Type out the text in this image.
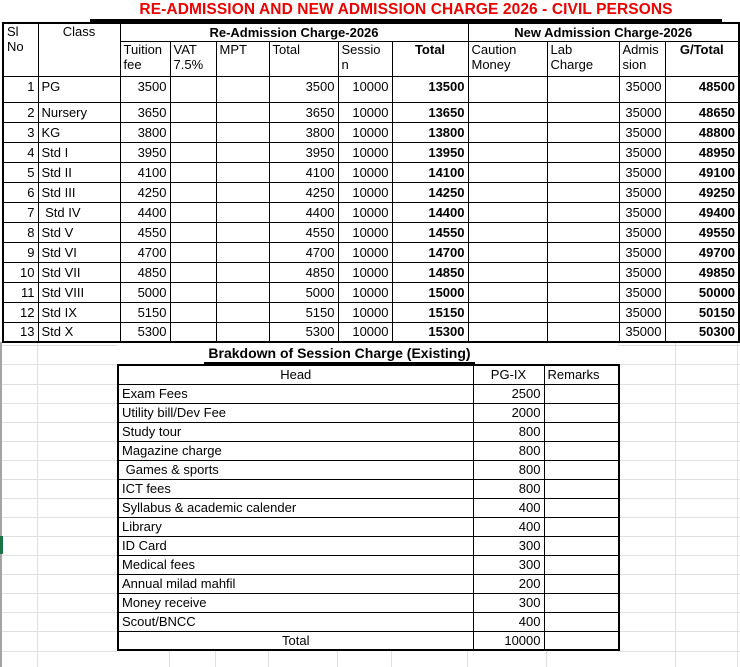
RE-ADMISSION AND NEW ADMISSION CHARGE 2026 - CIVIL PERSONS
Sl No	Class	Re-Admission Charge-2026						New Admission Charge-2026			
		Tuition fee	VAT 7.5%	MPT	Total	Session	Total	Caution Money	Lab Charge	Admission	G/Total
1	PG	3500			3500	10000	13500			35000	48500
2	Nursery	3650			3650	10000	13650			35000	48650
3	KG	3800			3800	10000	13800			35000	48800
4	Std I	3950			3950	10000	13950			35000	48950
5	Std II	4100			4100	10000	14100			35000	49100
6	Std III	4250			4250	10000	14250			35000	49250
7	Std IV	4400			4400	10000	14400			35000	49400
8	Std V	4550			4550	10000	14550			35000	49550
9	Std VI	4700			4700	10000	14700			35000	49700
10	Std VII	4850			4850	10000	14850			35000	49850
11	Std VIII	5000			5000	10000	15000			35000	50000
12	Std IX	5150			5150	10000	15150			35000	50150
13	Std X	5300			5300	10000	15300			35000	50300
Brakdown of Session Charge (Existing)
Head	PG-IX	Remarks
Exam Fees	2500	
Utility bill/Dev Fee	2000	
Study tour	800	
Magazine charge	800	
Games & sports	800	
ICT fees	800	
Syllabus & academic calender	400	
Library	400	
ID Card	300	
Medical fees	300	
Annual milad mahfil	200	
Money receive	300	
Scout/BNCC	400	
Total	10000	
